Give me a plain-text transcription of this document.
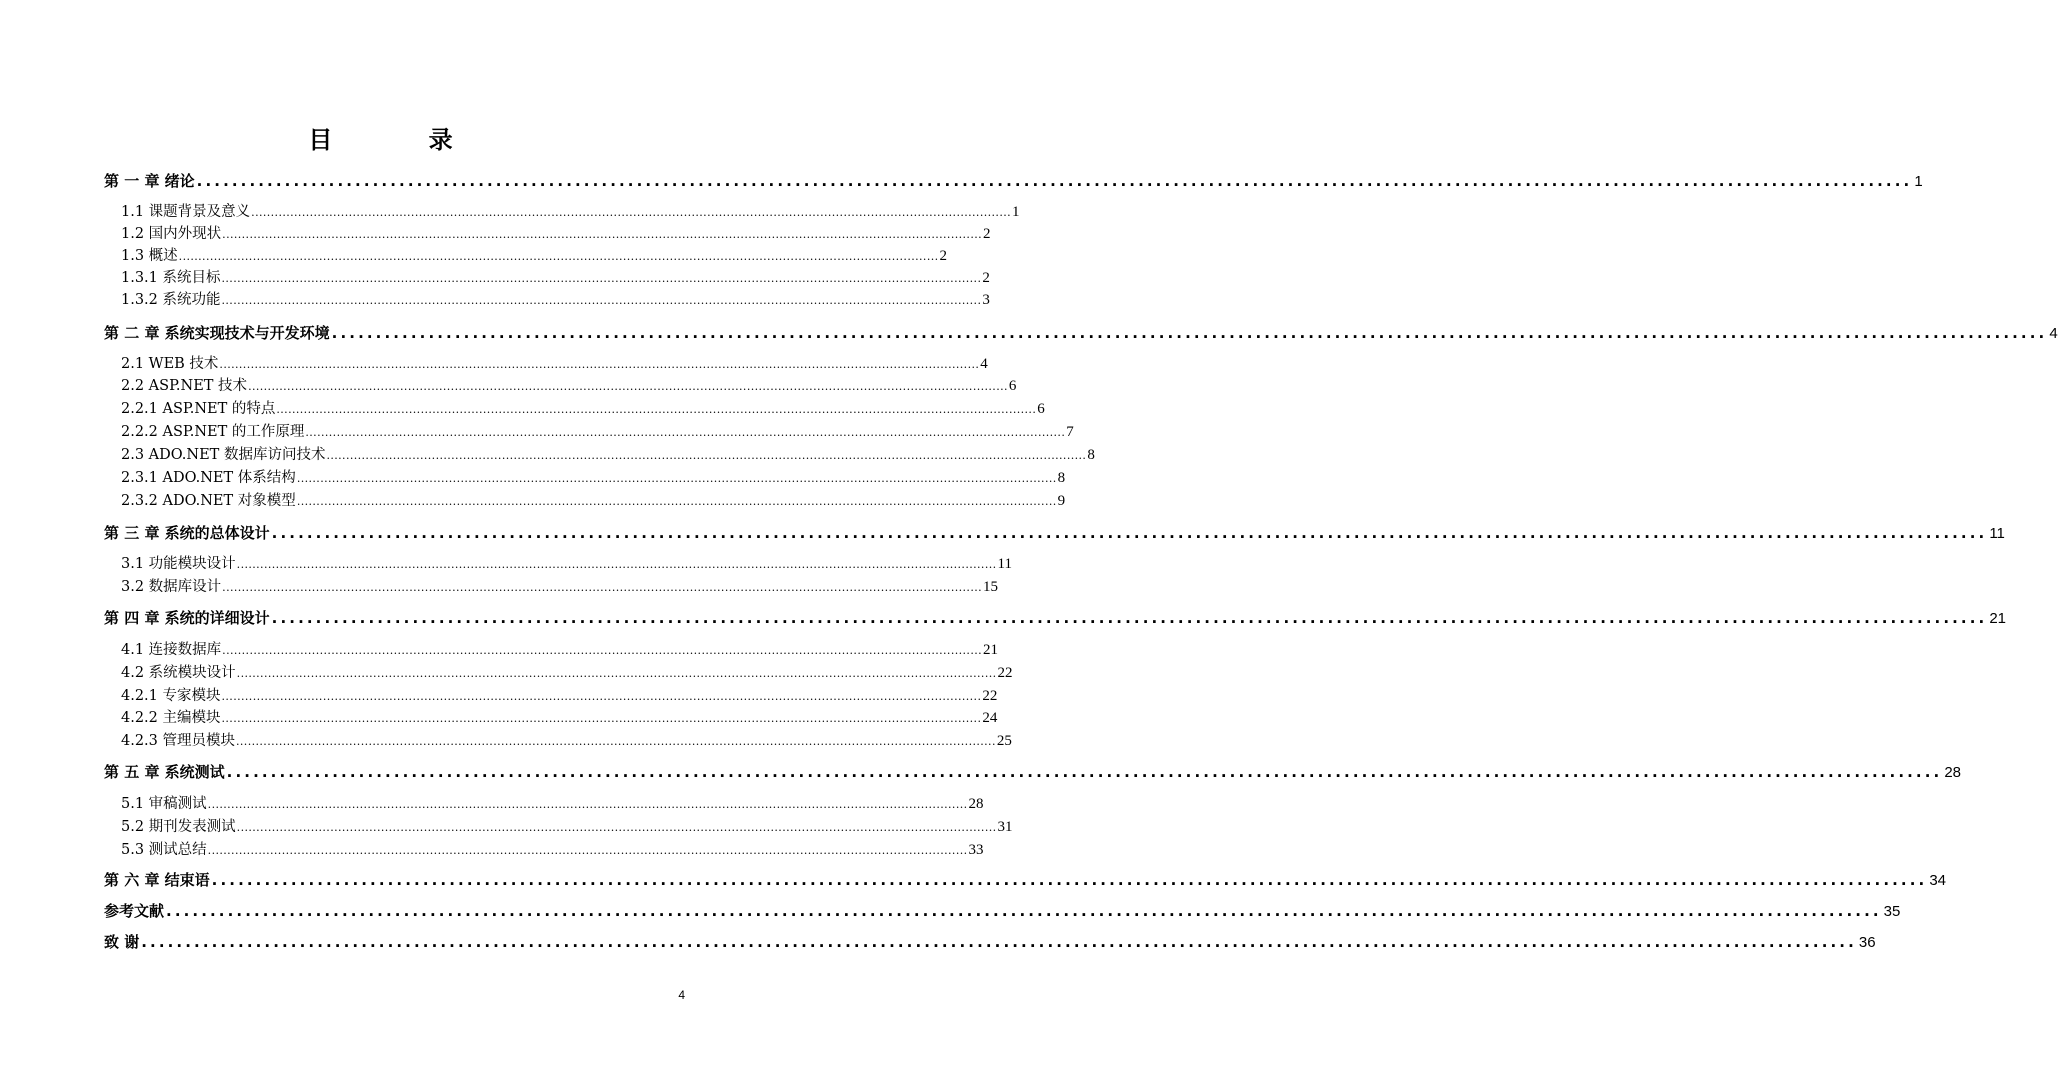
目 录
第 一 章 绪论 ................................................................................................................................................................................................... 1
1.1 课题背景及意义 ................................................................................................................................................................................................... 1
1.2 国内外现状 ................................................................................................................................................................................................... 2
1.3 概述 ................................................................................................................................................................................................... 2
1.3.1 系统目标 ................................................................................................................................................................................................... 2
1.3.2 系统功能 ................................................................................................................................................................................................... 3
第 二 章 系统实现技术与开发环境 ................................................................................................................................................................................................... 4
2.1 WEB 技术 ................................................................................................................................................................................................... 4
2.2 ASP.NET 技术 ................................................................................................................................................................................................... 6
2.2.1 ASP.NET 的特点 ................................................................................................................................................................................................... 6
2.2.2 ASP.NET 的工作原理 ................................................................................................................................................................................................... 7
2.3 ADO.NET 数据库访问技术 ................................................................................................................................................................................................... 8
2.3.1 ADO.NET 体系结构 ................................................................................................................................................................................................... 8
2.3.2 ADO.NET 对象模型 ................................................................................................................................................................................................... 9
第 三 章 系统的总体设计 ................................................................................................................................................................................................... 11
3.1 功能模块设计 ................................................................................................................................................................................................... 11
3.2 数据库设计 ................................................................................................................................................................................................... 15
第 四 章 系统的详细设计 ................................................................................................................................................................................................... 21
4.1 连接数据库 ................................................................................................................................................................................................... 21
4.2 系统模块设计 ................................................................................................................................................................................................... 22
4.2.1 专家模块 ................................................................................................................................................................................................... 22
4.2.2 主编模块 ................................................................................................................................................................................................... 24
4.2.3 管理员模块 ................................................................................................................................................................................................... 25
第 五 章 系统测试 ................................................................................................................................................................................................... 28
5.1 审稿测试 ................................................................................................................................................................................................... 28
5.2 期刊发表测试 ................................................................................................................................................................................................... 31
5.3 测试总结 ................................................................................................................................................................................................... 33
第 六 章 结束语 ................................................................................................................................................................................................... 34
参考文献 ................................................................................................................................................................................................... 35
致 谢 ................................................................................................................................................................................................... 36
4
